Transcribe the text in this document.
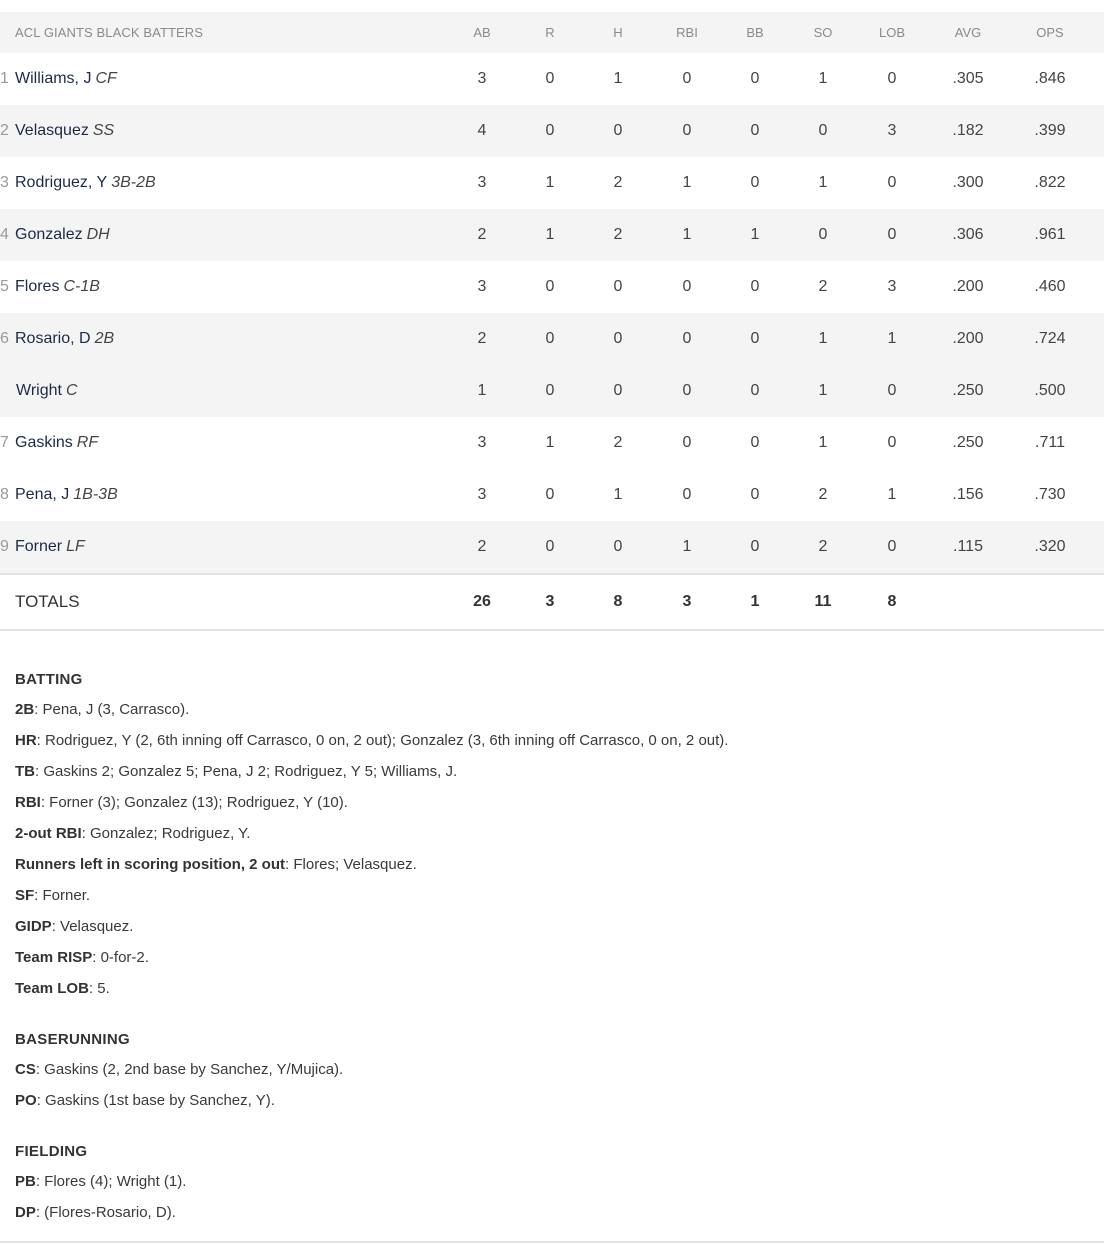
ACL GIANTS BLACK BATTERS	AB	R	H	RBI	BB	SO	LOB	AVG	OPS
1 Williams, J CF	3	0	1	0	0	1	0	.305	.846
2 Velasquez SS	4	0	0	0	0	0	3	.182	.399
3 Rodriguez, Y 3B-2B	3	1	2	1	0	1	0	.300	.822
4 Gonzalez DH	2	1	2	1	1	0	0	.306	.961
5 Flores C-1B	3	0	0	0	0	2	3	.200	.460
6 Rosario, D 2B	2	0	0	0	0	1	1	.200	.724
Wright C	1	0	0	0	0	1	0	.250	.500
7 Gaskins RF	3	1	2	0	0	1	0	.250	.711
8 Pena, J 1B-3B	3	0	1	0	0	2	1	.156	.730
9 Forner LF	2	0	0	1	0	2	0	.115	.320
TOTALS	26	3	8	3	1	11	8
BATTING
2B: Pena, J (3, Carrasco).
HR: Rodriguez, Y (2, 6th inning off Carrasco, 0 on, 2 out); Gonzalez (3, 6th inning off Carrasco, 0 on, 2 out).
TB: Gaskins 2; Gonzalez 5; Pena, J 2; Rodriguez, Y 5; Williams, J.
RBI: Forner (3); Gonzalez (13); Rodriguez, Y (10).
2-out RBI: Gonzalez; Rodriguez, Y.
Runners left in scoring position, 2 out: Flores; Velasquez.
SF: Forner.
GIDP: Velasquez.
Team RISP: 0-for-2.
Team LOB: 5.
BASERUNNING
CS: Gaskins (2, 2nd base by Sanchez, Y/Mujica).
PO: Gaskins (1st base by Sanchez, Y).
FIELDING
PB: Flores (4); Wright (1).
DP: (Flores-Rosario, D).
